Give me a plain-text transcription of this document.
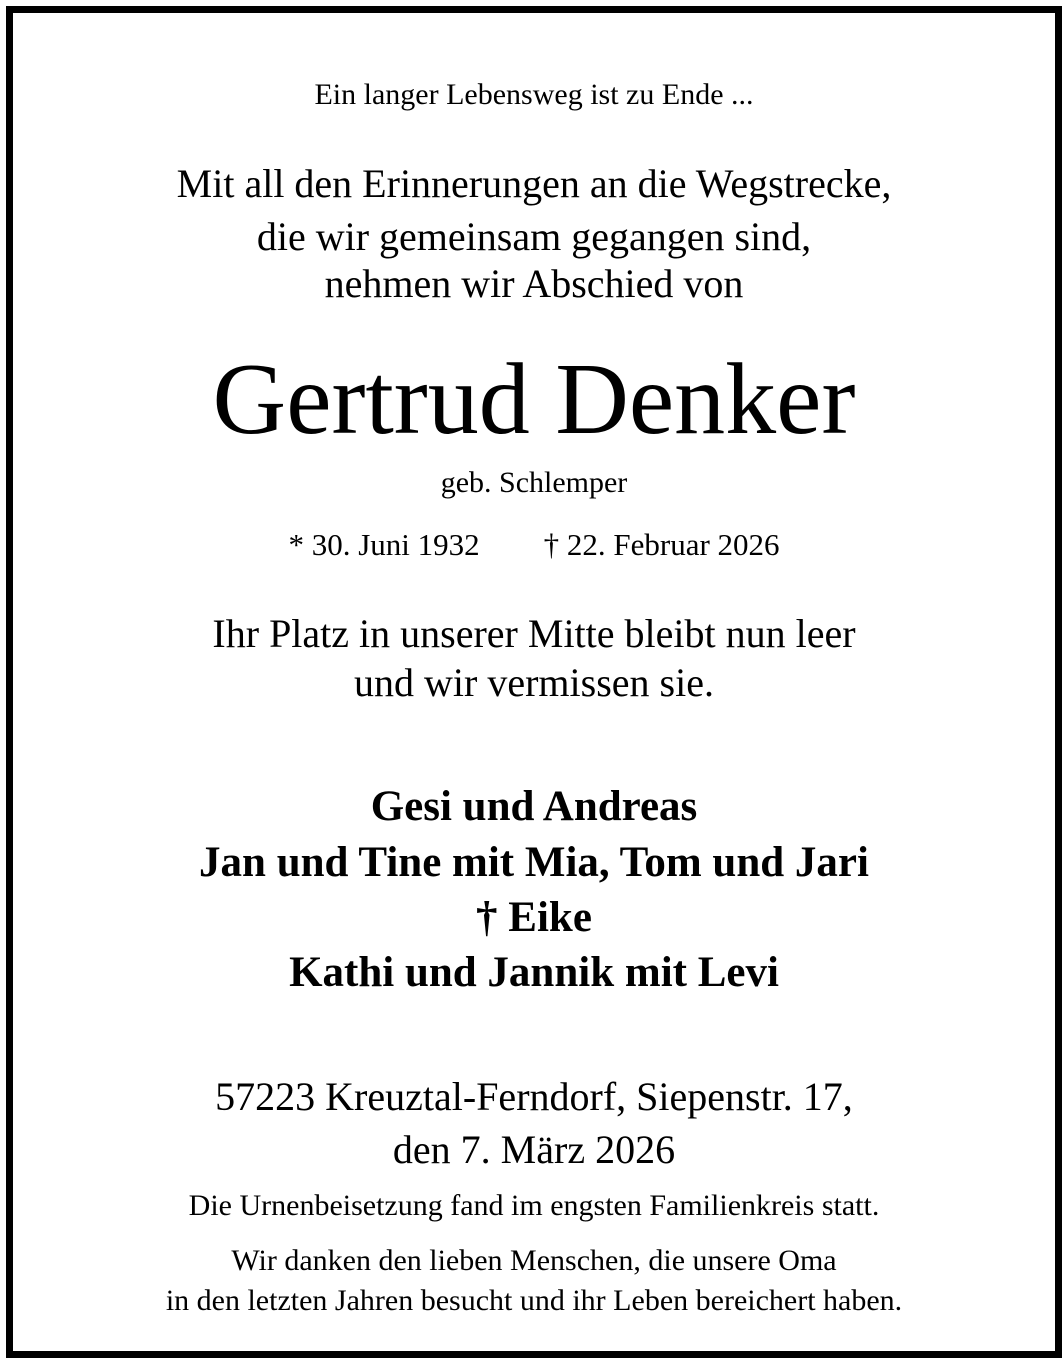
Ein langer Lebensweg ist zu Ende ...
Mit all den Erinnerungen an die Wegstrecke,
die wir gemeinsam gegangen sind,
nehmen wir Abschied von
Gertrud Denker
geb. Schlemper
* 30. Juni 1932 † 22. Februar 2026
Ihr Platz in unserer Mitte bleibt nun leer
und wir vermissen sie.
Gesi und Andreas
Jan und Tine mit Mia, Tom und Jari
† Eike
Kathi und Jannik mit Levi
57223 Kreuztal-Ferndorf, Siepenstr. 17,
den 7. März 2026
Die Urnenbeisetzung fand im engsten Familienkreis statt.
Wir danken den lieben Menschen, die unsere Oma
in den letzten Jahren besucht und ihr Leben bereichert haben.
